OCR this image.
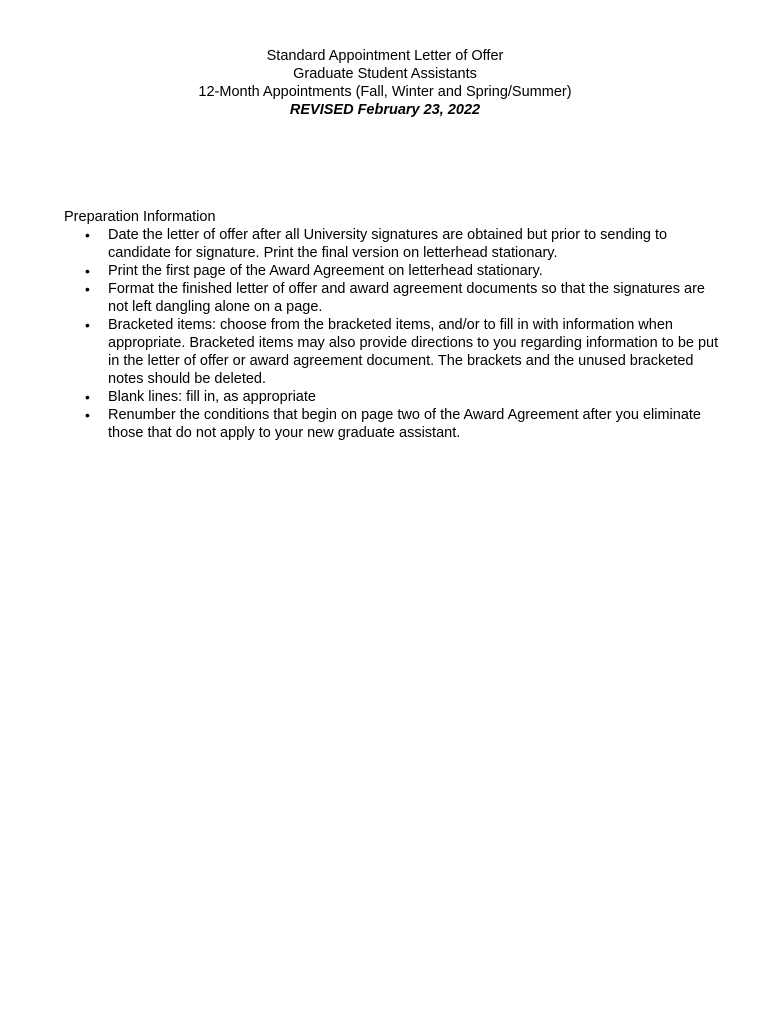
Standard Appointment Letter of Offer
Graduate Student Assistants
12-Month Appointments (Fall, Winter and Spring/Summer)
REVISED February 23, 2022
Preparation Information
• Date the letter of offer after all University signatures are obtained but prior to sending to candidate for signature. Print the final version on letterhead stationary.
• Print the first page of the Award Agreement on letterhead stationary.
• Format the finished letter of offer and award agreement documents so that the signatures are not left dangling alone on a page.
• Bracketed items: choose from the bracketed items, and/or to fill in with information when appropriate. Bracketed items may also provide directions to you regarding information to be put in the letter of offer or award agreement document. The brackets and the unused bracketed notes should be deleted.
• Blank lines: fill in, as appropriate
• Renumber the conditions that begin on page two of the Award Agreement after you eliminate those that do not apply to your new graduate assistant.
